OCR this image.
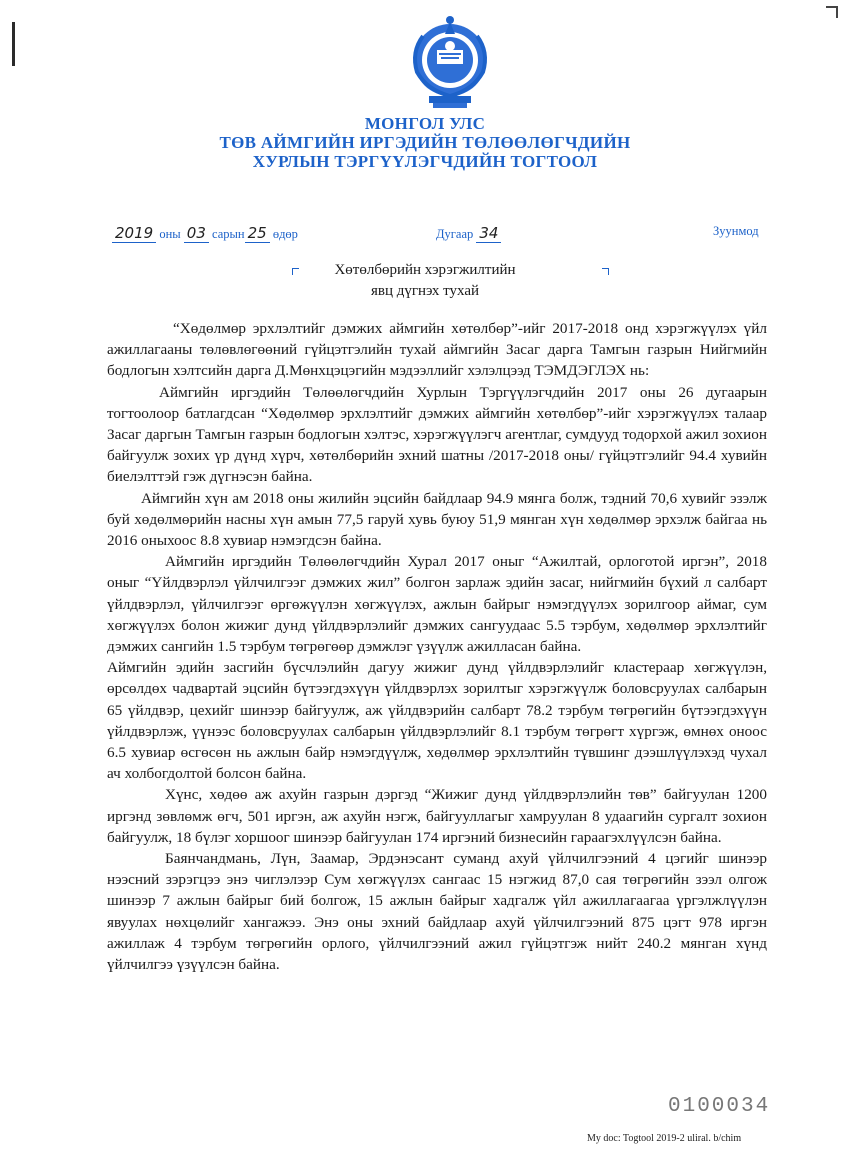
МОНГОЛ УЛС
ТӨВ АЙМГИЙН ИРГЭДИЙН ТӨЛӨӨЛӨГЧДИЙН
ХУРЛЫН ТЭРГҮҮЛЭГЧДИЙН ТОГТООЛ
2019 оны 03 сарын 25 өдөр	Дугаар 34	Зуунмод
Хөтөлбөрийн хэрэгжилтийн
явц дүгнэх тухай

“Хөдөлмөр эрхлэлтийг дэмжих аймгийн хөтөлбөр”-ийг 2017-2018 онд хэрэгжүүлэх үйл ажиллагааны төлөвлөгөөний гүйцэтгэлийн тухай аймгийн Засаг дарга Тамгын газрын Нийгмийн бодлогын хэлтсийн дарга Д.Мөнхцэцэгийн мэдээллийг хэлэлцээд ТЭМДЭГЛЭХ нь:

Аймгийн иргэдийн Төлөөлөгчдийн Хурлын Тэргүүлэгчдийн 2017 оны 26 дугаарын тогтоолоор батлагдсан “Хөдөлмөр эрхлэлтийг дэмжих аймгийн хөтөлбөр”-ийг хэрэгжүүлэх талаар Засаг даргын Тамгын газрын бодлогын хэлтэс, хэрэгжүүлэгч агентлаг, сумдууд тодорхой ажил зохион байгуулж зохих үр дүнд хүрч, хөтөлбөрийн эхний шатны /2017-2018 оны/ гүйцэтгэлийг 94.4 хувийн биелэлттэй гэж дүгнэсэн байна.

Аймгийн хүн ам 2018 оны жилийн эцсийн байдлаар 94.9 мянга болж, тэдний 70,6 хувийг эзэлж буй хөдөлмөрийн насны хүн амын 77,5 гаруй хувь буюу 51,9 мянган хүн хөдөлмөр эрхэлж байгаа нь 2016 оныхоос 8.8 хувиар нэмэгдсэн байна.

Аймгийн иргэдийн Төлөөлөгчдийн Хурал 2017 оныг “Ажилтай, орлоготой иргэн”, 2018 оныг “Үйлдвэрлэл үйлчилгээг дэмжих жил” болгон зарлаж эдийн засаг, нийгмийн бүхий л салбарт үйлдвэрлэл, үйлчилгээг өргөжүүлэн хөгжүүлэх, ажлын байрыг нэмэгдүүлэх зорилгоор аймаг, сум хөгжүүлэх болон жижиг дунд үйлдвэрлэлийг дэмжих сангуудаас 5.5 тэрбум, хөдөлмөр эрхлэлтийг дэмжих сангийн 1.5 тэрбум төгрөгөөр дэмжлэг үзүүлж ажилласан байна.

Аймгийн эдийн засгийн бүсчлэлийн дагуу жижиг дунд үйлдвэрлэлийг кластераар хөгжүүлэн, өрсөлдөх чадвартай эцсийн бүтээгдэхүүн үйлдвэрлэх зорилтыг хэрэгжүүлж боловсруулах салбарын 65 үйлдвэр, цехийг шинээр байгуулж, аж үйлдвэрийн салбарт 78.2 тэрбум төгрөгийн бүтээгдэхүүн үйлдвэрлэж, үүнээс боловсруулах салбарын үйлдвэрлэлийг 8.1 тэрбум төгрөгт хүргэж, өмнөх оноос 6.5 хувиар өсгөсөн нь ажлын байр нэмэгдүүлж, хөдөлмөр эрхлэлтийн түвшинг дээшлүүлэхэд чухал ач холбогдолтой болсон байна.

Хүнс, хөдөө аж ахуйн газрын дэргэд “Жижиг дунд үйлдвэрлэлийн төв” байгуулан 1200 иргэнд зөвлөмж өгч, 501 иргэн, аж ахуйн нэгж, байгууллагыг хамруулан 8 удаагийн сургалт зохион байгуулж, 18 бүлэг хоршоог шинээр байгуулан 174 иргэний бизнесийн гараагэхлүүлсэн байна.

Баянчандмань, Лүн, Заамар, Эрдэнэсант суманд ахуй үйлчилгээний 4 цэгийг шинээр нээсний зэрэгцээ энэ чиглэлээр Сум хөгжүүлэх сангаас 15 нэгжид 87,0 сая төгрөгийн зээл олгож шинээр 7 ажлын байрыг бий болгож, 15 ажлын байрыг хадгалж үйл ажиллагаагаа үргэлжлүүлэн явуулах нөхцөлийг хангажээ. Энэ оны эхний байдлаар ахуй үйлчилгээний 875 цэгт 978 иргэн ажиллаж 4 тэрбум төгрөгийн орлого, үйлчилгээний ажил гүйцэтгэж нийт 240.2 мянган хүнд үйлчилгээ үзүүлсэн байна.

0100034
My doc: Togtool 2019-2 uliral. b/chim
